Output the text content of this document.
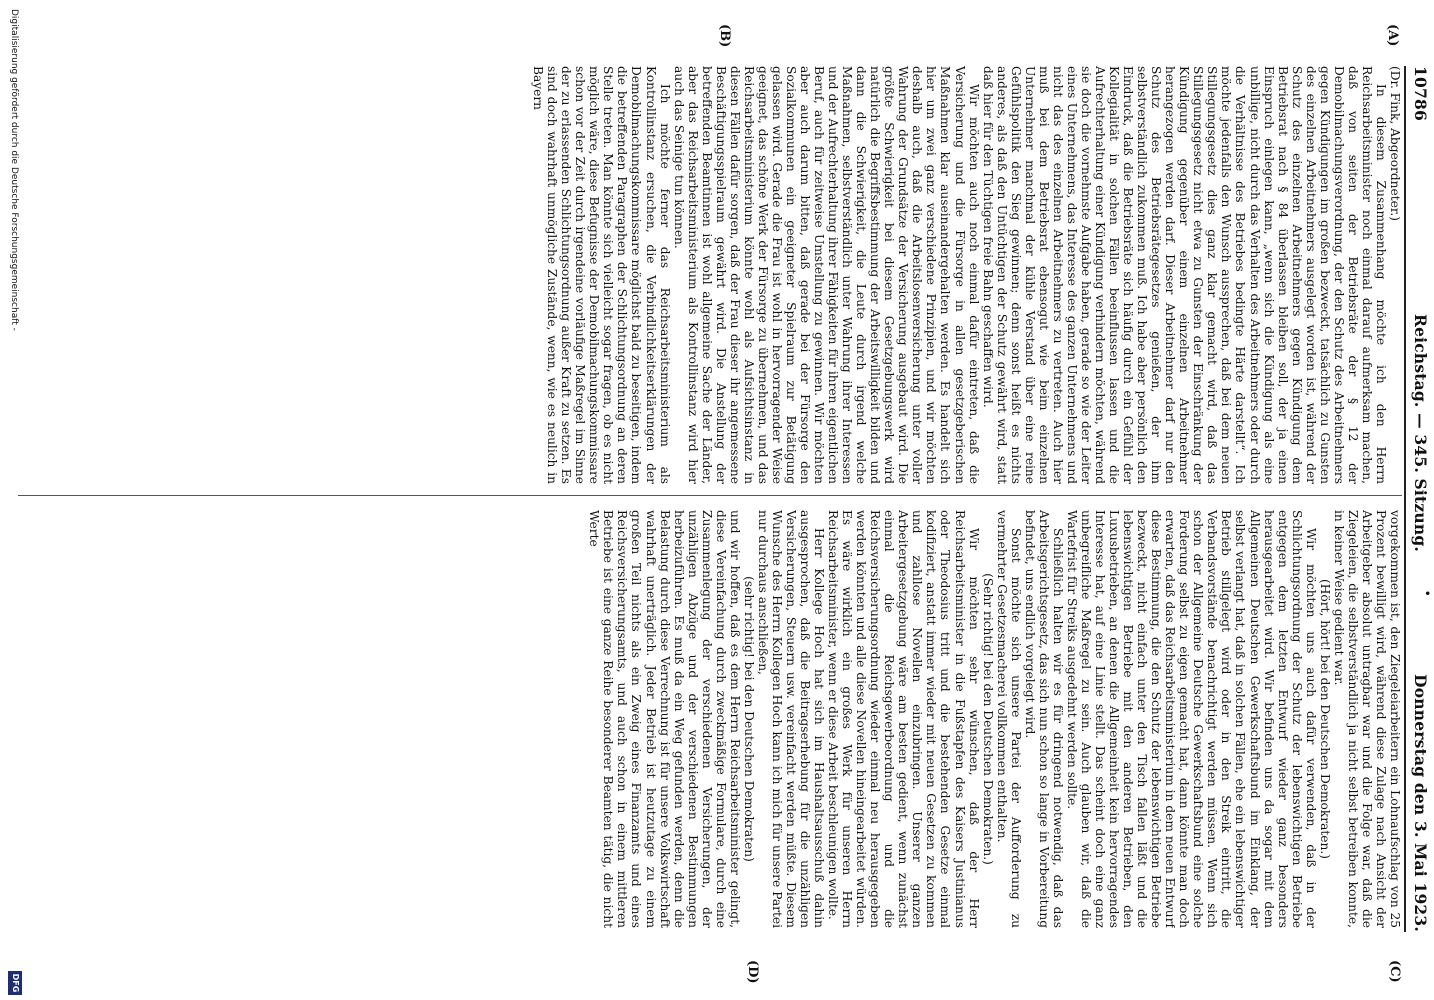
10786
Reichstag. — 345. Sitzung.
Donnerstag den 3. Mai 1923.
•
(A)
(B)
(C)
(D)

(Dr. Fink, Abgeordneter.)

In diesem Zusammenhang möchte ich den Herrn Reichsarbeitsminister noch einmal darauf aufmerksam machen, daß von seiten der Betriebsräte der § 12 der Demobilmachungsverordnung, der den Schutz des Arbeitnehmers gegen Kündigungen im großen bezweckt, tatsächlich zu Gunsten des einzelnen Arbeitnehmers ausgelegt worden ist, während der Schutz des einzelnen Arbeitnehmers gegen Kündigung dem Betriebsrat nach § 84 überlassen bleiben soll, der ja einen Einspruch einlegen kann, „wenn sich die Kündigung als eine unbillige, nicht durch das Verhalten des Arbeitnehmers oder durch die Verhältnisse des Betriebes bedingte Härte darstellt“. Ich möchte jedenfalls den Wunsch aussprechen, daß bei dem neuen Stillegungsgesetz dies ganz klar gemacht wird, daß das Stillegungsgesetz nicht etwa zu Gunsten der Einschränkung der Kündigung gegenüber einem einzelnen Arbeitnehmer herangezogen werden darf. Dieser Arbeitnehmer darf nur den Schutz des Betriebsrätegesetzes genießen, der ihm selbstverständlich zukommen muß. Ich habe aber persönlich den Eindruck, daß die Betriebsräte sich häufig durch ein Gefühl der Kollegialität in solchen Fällen beeinflussen lassen und die Aufrechterhaltung einer Kündigung verhindern möchten, während sie doch die vornehmste Aufgabe haben, gerade so wie der Leiter eines Unternehmens, das Interesse des ganzen Unternehmens und nicht das des einzelnen Arbeitnehmers zu vertreten. Auch hier muß bei dem Betriebsrat ebensogut wie beim einzelnen Unternehmer manchmal der kühle Verstand über eine reine Gefühlspolitik den Sieg gewinnen; denn sonst heißt es nichts anderes, als daß den Untüchtigen der Schutz gewährt wird, statt daß hier für den Tüchtigen freie Bahn geschaffen wird.

Wir möchten auch noch einmal dafür eintreten, daß die Versicherung und die Fürsorge in allen gesetzgeberischen Maßnahmen klar auseinandergehalten werden. Es handelt sich hier um zwei ganz verschiedene Prinzipien, und wir möchten deshalb auch, daß die Arbeitslosenversicherung unter voller Wahrung der Grundsätze der Versicherung ausgebaut wird. Die größte Schwierigkeit bei diesem Gesetzgebungswerk wird natürlich die Begriffsbestimmung der Arbeitswilligkeit bilden und dann die Schwierigkeit, die Leute durch irgend welche Maßnahmen, selbstverständlich unter Wahrung ihrer Interessen und der Aufrechterhaltung ihrer Fähigkeiten für ihren eigentlichen Beruf, auch für zeitweise Umstellung zu gewinnen. Wir möchten aber auch darum bitten, daß gerade bei der Fürsorge den Sozialkommunen ein geeigneter Spielraum zur Betätigung gelassen wird. Gerade die Frau ist wohl in hervorragender Weise geeignet, das schöne Werk der Fürsorge zu übernehmen, und das Reichsarbeitsministerium könnte wohl als Aufsichtsinstanz in diesen Fällen dafür sorgen, daß der Frau dieser ihr angemessene Beschäftigungsspielraum gewährt wird. Die Anstellung der betreffenden Beamtinnen ist wohl allgemeine Sache der Länder, aber das Reichsarbeitsministerium als Kontrollinstanz wird hier auch das Seinige tun können.

Ich möchte ferner das Reichsarbeitsministerium als Kontrollinstanz ersuchen, die Verbindlichkeitserklärungen der Demobilmachungskommissare möglichst bald zu beseitigen, indem die betreffenden Paragraphen der Schlichtungsordnung an deren Stelle treten. Man könnte sich vielleicht sogar fragen, ob es nicht möglich wäre, diese Befugnisse der Demobilmachungskommissare schon vor der Zeit durch irgendeine vorläufige Maßregel im Sinne der zu erlassenden Schlichtungsordnung außer Kraft zu setzen. Es sind doch wahrhaft unmögliche Zustände, wenn, wie es neulich in Bayern

vorgekommen ist, den Ziegeleiarbeitern ein Lohnaufschlag von 25 Prozent bewilligt wird, während diese Zulage nach Ansicht der Arbeitgeber absolut untragbar war und die Folge war, daß die Ziegeleien, die selbstverständlich ja nicht selbst betreiben konnte, in keiner Weise gedient war.

(Hört, hört! bei den Deutschen Demokraten.)

Wir möchten uns auch dafür verwenden, daß in der Schlichtungsordnung der Schutz der lebenswichtigen Betriebe entgegen dem letzten Entwurf wieder ganz besonders herausgearbeitet wird. Wir befinden uns da sogar mit dem Allgemeinen Deutschen Gewerkschaftsbund im Einklang, der selbst verlangt hat, daß in solchen Fällen, ehe ein lebenswichtiger Betrieb stillgelegt wird oder in den Streik eintritt, die Verbandsvorstände benachrichtigt werden müssen. Wenn sich schon der Allgemeine Deutsche Gewerkschaftsbund eine solche Forderung selbst zu eigen gemacht hat, dann könnte man doch erwarten, daß das Reichsarbeitsministerium in dem neuen Entwurf diese Bestimmung, die den Schutz der lebenswichtigen Betriebe bezweckt, nicht einfach unter den Tisch fallen läßt und die lebenswichtigen Betriebe mit den anderen Betrieben, den Luxusbetrieben, an denen die Allgemeinheit kein hervorragendes Interesse hat, auf eine Linie stellt. Das scheint doch eine ganz unbegreifliche Maßregel zu sein. Auch glauben wir, daß die Wartefrist für Streiks ausgedehnt werden sollte.

Schließlich halten wir es für dringend notwendig, daß das Arbeitsgerichtsgesetz, das sich nun schon so lange in Vorbereitung befindet, uns endlich vorgelegt wird.

Sonst möchte sich unsere Partei der Aufforderung zu vermehrter Gesetzesmacherei vollkommen enthalten.

(Sehr richtig! bei den Deutschen Demokraten.)

Wir möchten sehr wünschen, daß der Herr Reichsarbeitsminister in die Fußstapfen des Kaisers Justinianus oder Theodosius tritt und die bestehenden Gesetze einmal kodifiziert, anstatt immer wieder mit neuen Gesetzen zu kommen und zahllose Novellen einzubringen. Unserer ganzen Arbeitergesetzgebung wäre am besten gedient, wenn zunächst einmal die Reichsgewerbeordnung und die Reichsversicherungsordnung wieder einmal neu herausgegeben werden könnten und alle diese Novellen hineingearbeitet würden. Es wäre wirklich ein großes Werk für unseren Herrn Reichsarbeitsminister, wenn er diese Arbeit beschleunigen wollte.

Herr Kollege Hoch hat sich im Haushaltsausschuß dahin ausgesprochen, daß die Beitragserhebung für die unzähligen Versicherungen, Steuern usw. vereinfacht werden müßte. Diesem Wunsche des Herrn Kollegen Hoch kann ich mich für unsere Partei nur durchaus anschließen,

(sehr richtig! bei den Deutschen Demokraten)

und wir hoffen, daß es dem Herrn Reichsarbeitsminister gelingt, diese Vereinfachung durch zweckmäßige Formulare, durch eine Zusammenlegung der verschiedenen Versicherungen, der unzähligen Abzüge und der verschiedenen Bestimmungen herbeizuführen. Es muß da ein Weg gefunden werden, denn die Belastung durch diese Verrechnung ist für unsere Volkswirtschaft wahrhaft unerträglich. Jeder Betrieb ist heutzutage zu einem großen Teil nichts als ein Zweig eines Finanzamts und eines Reichsversicherungsamts, und auch schon in einem mittleren Betriebe ist eine ganze Reihe besonderer Beamten tätig, die nicht Werte

Digitalisierung gefördert durch die Deutsche Forschungsgemeinschaft -
DFG
